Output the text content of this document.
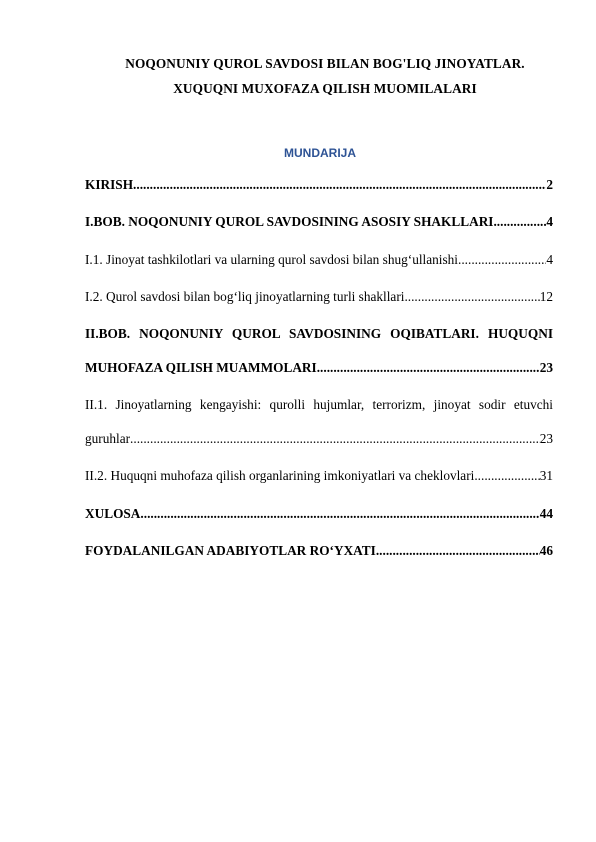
NOQONUNIY QUROL SAVDOSI BILAN BOG'LIQ JINOYATLAR.
XUQUQNI MUXOFAZA QILISH MUOMILALARI
MUNDARIJA
KIRISH .....	2
I.BOB. NOQONUNIY QUROL SAVDOSINING ASOSIY SHAKLLARI .....	4
I.1. Jinoyat tashkilotlari va ularning qurol savdosi bilan shug‘ullanishi .....	4
I.2. Qurol savdosi bilan bog‘liq jinoyatlarning turli shakllari .....	12
II.BOB. NOQONUNIY QUROL SAVDOSINING OQIBATLARI. HUQUQNI
MUHOFAZA QILISH MUAMMOLARI .....	23
II.1. Jinoyatlarning kengayishi: qurolli hujumlar, terrorizm, jinoyat sodir etuvchi
guruhlar .....	23
II.2. Huquqni muhofaza qilish organlarining imkoniyatlari va cheklovlari .....	31
XULOSA .....	44
FOYDALANILGAN ADABIYOTLAR RO‘YXATI .....	46
